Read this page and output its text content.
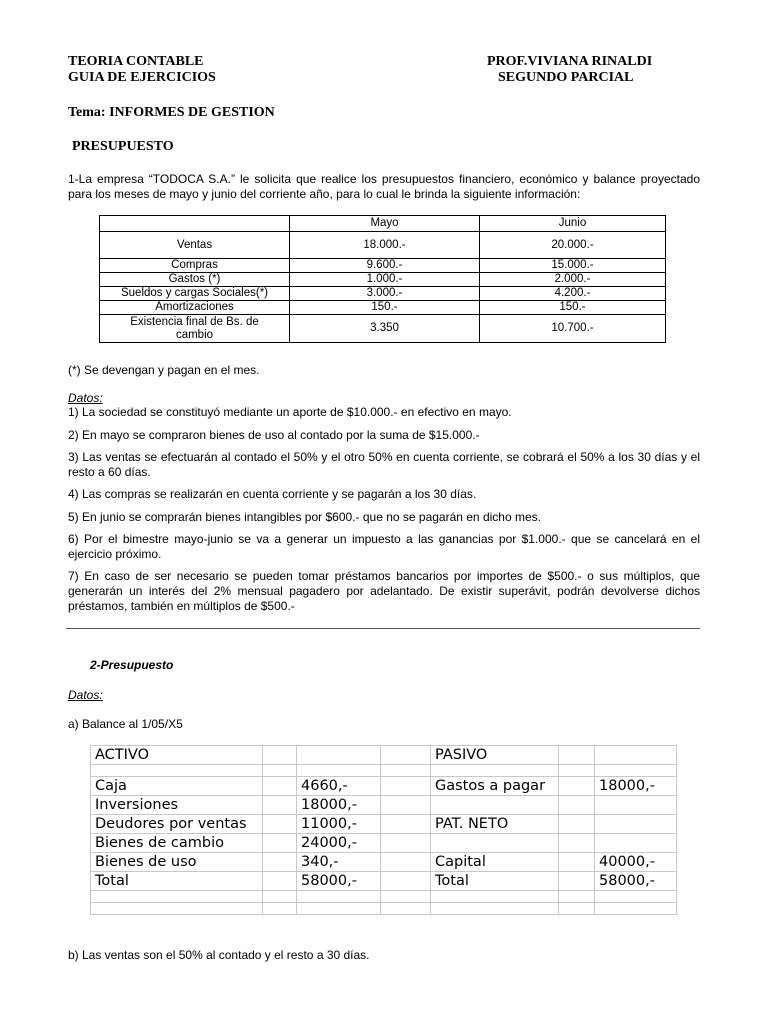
TEORIA CONTABLE
GUIA DE EJERCICIOS
PROF.VIVIANA RINALDI
SEGUNDO PARCIAL
Tema: INFORMES DE GESTION
PRESUPUESTO
1-La empresa “TODOCA S.A.” le solicita que realice los presupuestos financiero, económico y balance proyectado para los meses de mayo y junio del corriente año, para lo cual le brinda la siguiente información:
	Mayo	Junio
Ventas	18.000.-	20.000.-
Compras	9.600.-	15.000.-
Gastos (*)	1.000.-	2.000.-
Sueldos y cargas Sociales(*)	3.000.-	4.200.-
Amortizaciones	150.-	150.-
Existencia final de Bs. de cambio	3.350	10.700.-
(*) Se devengan y pagan en el mes.
Datos:
1) La sociedad se constituyó mediante un aporte de $10.000.- en efectivo en mayo.
2) En mayo se compraron bienes de uso al contado por la suma de $15.000.-
3) Las ventas se efectuarán al contado el 50% y el otro 50% en cuenta corriente, se cobrará el 50% a los 30 días y el resto a 60 días.
4) Las compras se realizarán en cuenta corriente y se pagarán a los 30 días.
5) En junio se comprarán bienes intangibles por $600.- que no se pagarán en dicho mes.
6) Por el bimestre mayo-junio se va a generar un impuesto a las ganancias por $1.000.- que se cancelará en el ejercicio próximo.
7) En caso de ser necesario se pueden tomar préstamos bancarios por importes de $500.- o sus múltiplos, que generarán un interés del 2% mensual pagadero por adelantado. De existir superávit, podrán devolverse dichos préstamos, también en múltiplos de $500.-
2-Presupuesto
Datos:
a) Balance al 1/05/X5
ACTIVO				PASIVO		

Caja		4660,-		Gastos a pagar		18000,-
Inversiones		18000,-				
Deudores por ventas		11000,-		PAT. NETO		
Bienes de cambio		24000,-				
Bienes de uso		340,-		Capital		40000,-
Total		58000,-		Total		58000,-

b) Las ventas son el 50% al contado y el resto a 30 días.
